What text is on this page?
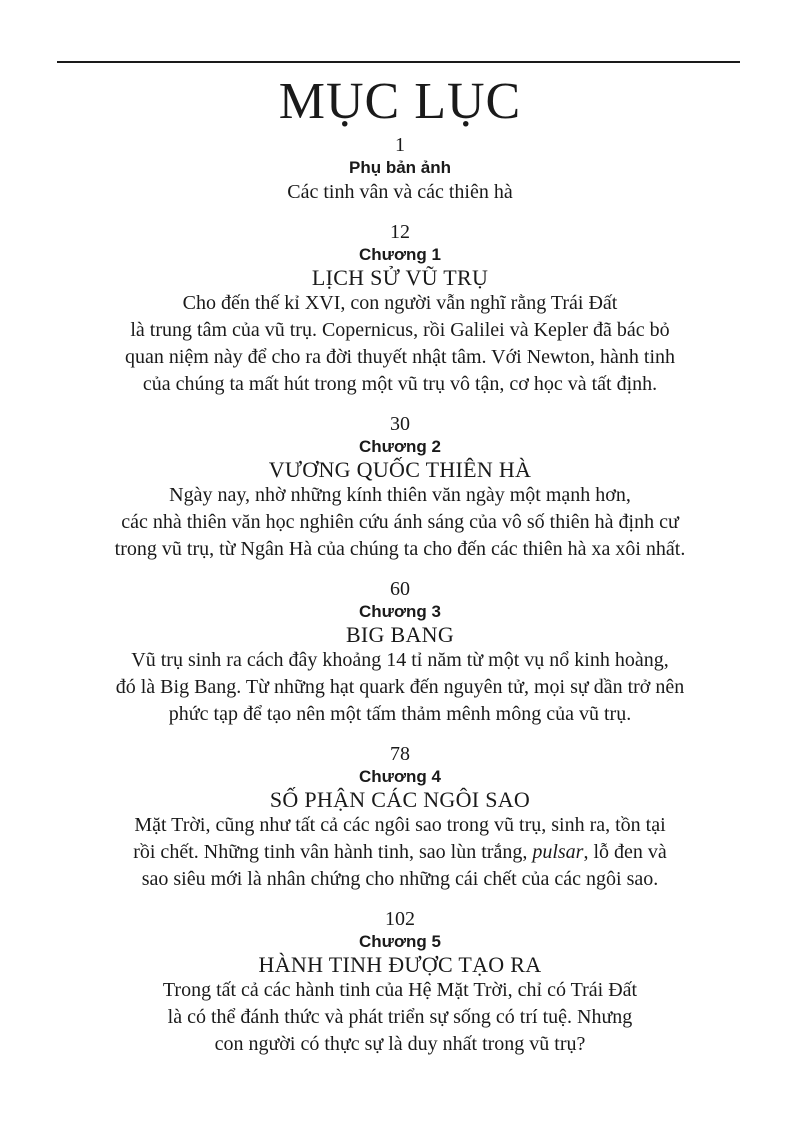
MỤC LỤC
1
Phụ bản ảnh
Các tinh vân và các thiên hà
12
Chương 1
LỊCH SỬ VŨ TRỤ
Cho đến thế kỉ XVI, con người vẫn nghĩ rằng Trái Đất
là trung tâm của vũ trụ. Copernicus, rồi Galilei và Kepler đã bác bỏ
quan niệm này để cho ra đời thuyết nhật tâm. Với Newton, hành tinh
của chúng ta mất hút trong một vũ trụ vô tận, cơ học và tất định.
30
Chương 2
VƯƠNG QUỐC THIÊN HÀ
Ngày nay, nhờ những kính thiên văn ngày một mạnh hơn,
các nhà thiên văn học nghiên cứu ánh sáng của vô số thiên hà định cư
trong vũ trụ, từ Ngân Hà của chúng ta cho đến các thiên hà xa xôi nhất.
60
Chương 3
BIG BANG
Vũ trụ sinh ra cách đây khoảng 14 tỉ năm từ một vụ nổ kinh hoàng,
đó là Big Bang. Từ những hạt quark đến nguyên tử, mọi sự dần trở nên
phức tạp để tạo nên một tấm thảm mênh mông của vũ trụ.
78
Chương 4
SỐ PHẬN CÁC NGÔI SAO
Mặt Trời, cũng như tất cả các ngôi sao trong vũ trụ, sinh ra, tồn tại
rồi chết. Những tinh vân hành tinh, sao lùn trắng, pulsar, lỗ đen và
sao siêu mới là nhân chứng cho những cái chết của các ngôi sao.
102
Chương 5
HÀNH TINH ĐƯỢC TẠO RA
Trong tất cả các hành tinh của Hệ Mặt Trời, chỉ có Trái Đất
là có thể đánh thức và phát triển sự sống có trí tuệ. Nhưng
con người có thực sự là duy nhất trong vũ trụ?
